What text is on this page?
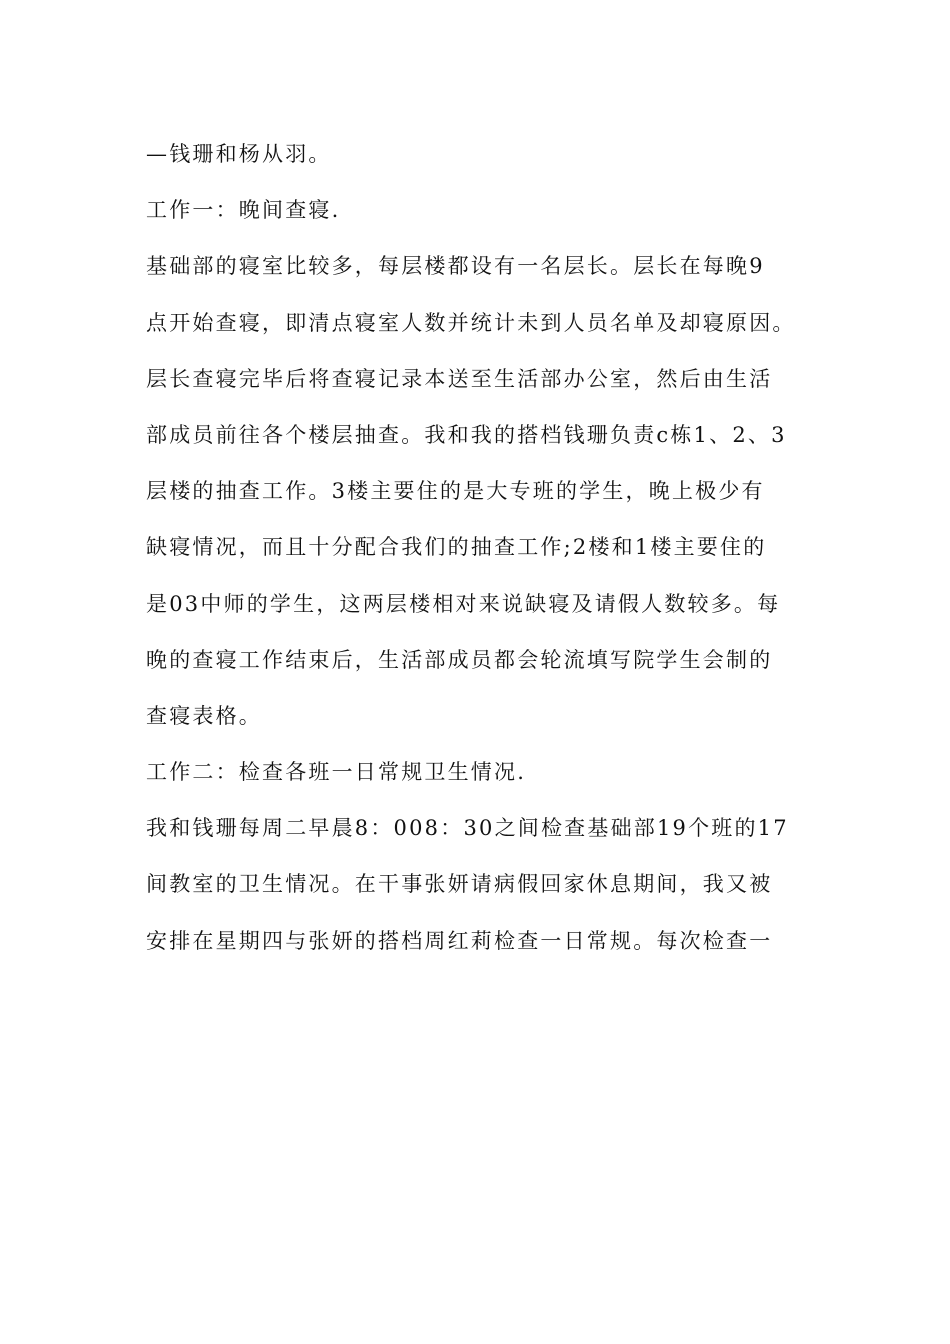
—钱珊和杨从羽。

工作一：晚间查寝.

基础部的寝室比较多，每层楼都设有一名层长。层长在每晚9

点开始查寝，即清点寝室人数并统计未到人员名单及却寝原因。

层长查寝完毕后将查寝记录本送至生活部办公室，然后由生活

部成员前往各个楼层抽查。我和我的搭档钱珊负责c栋1、2、3

层楼的抽查工作。3楼主要住的是大专班的学生，晚上极少有

缺寝情况，而且十分配合我们的抽查工作;2楼和1楼主要住的

是03中师的学生，这两层楼相对来说缺寝及请假人数较多。每

晚的查寝工作结束后，生活部成员都会轮流填写院学生会制的

查寝表格。

工作二：检查各班一日常规卫生情况.

我和钱珊每周二早晨8：008：30之间检查基础部19个班的17

间教室的卫生情况。在干事张妍请病假回家休息期间，我又被

安排在星期四与张妍的搭档周红莉检查一日常规。每次检查一
